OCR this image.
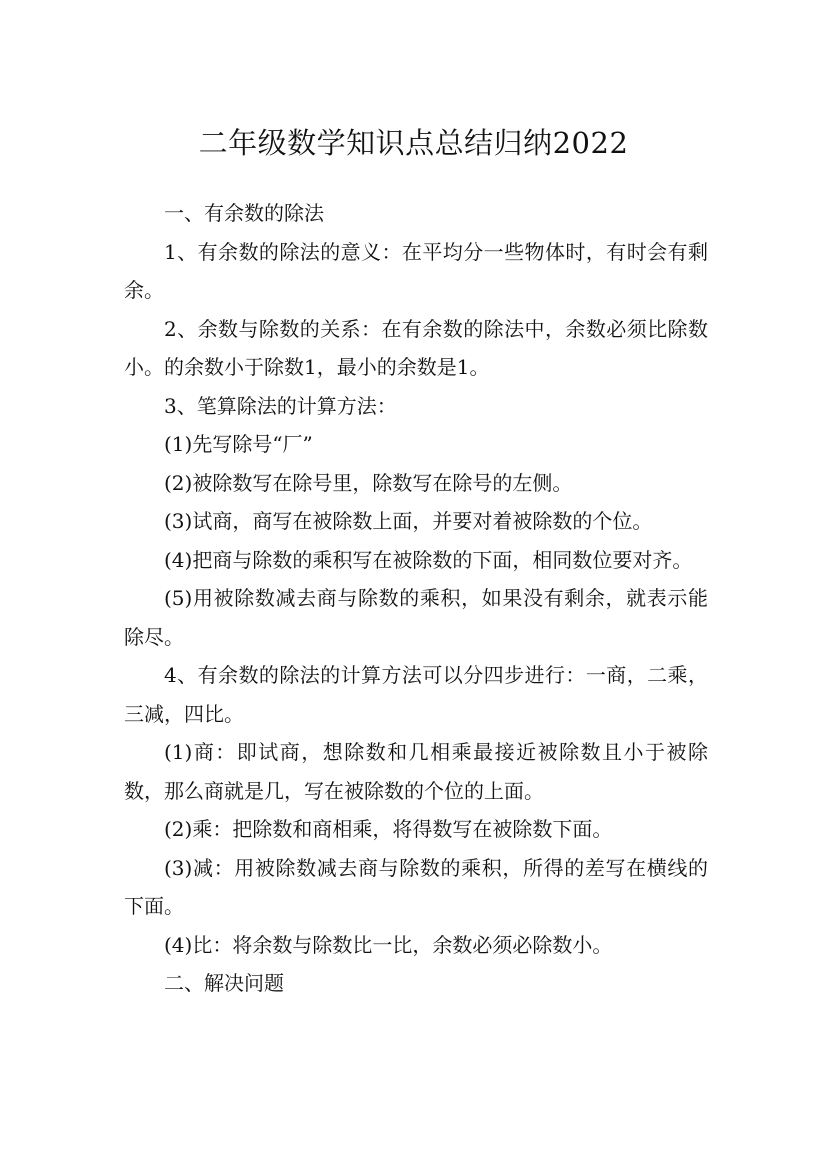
二年级数学知识点总结归纳2022

一、有余数的除法

1、有余数的除法的意义：在平均分一些物体时，有时会有剩余。

2、余数与除数的关系：在有余数的除法中，余数必须比除数小。的余数小于除数1，最小的余数是1。

3、笔算除法的计算方法：

(1)先写除号“厂”

(2)被除数写在除号里，除数写在除号的左侧。

(3)试商，商写在被除数上面，并要对着被除数的个位。

(4)把商与除数的乘积写在被除数的下面，相同数位要对齐。

(5)用被除数减去商与除数的乘积，如果没有剩余，就表示能除尽。

4、有余数的除法的计算方法可以分四步进行：一商，二乘，三减，四比。

(1)商：即试商，想除数和几相乘最接近被除数且小于被除数，那么商就是几，写在被除数的个位的上面。

(2)乘：把除数和商相乘，将得数写在被除数下面。

(3)减：用被除数减去商与除数的乘积，所得的差写在横线的下面。

(4)比：将余数与除数比一比，余数必须必除数小。

二、解决问题
